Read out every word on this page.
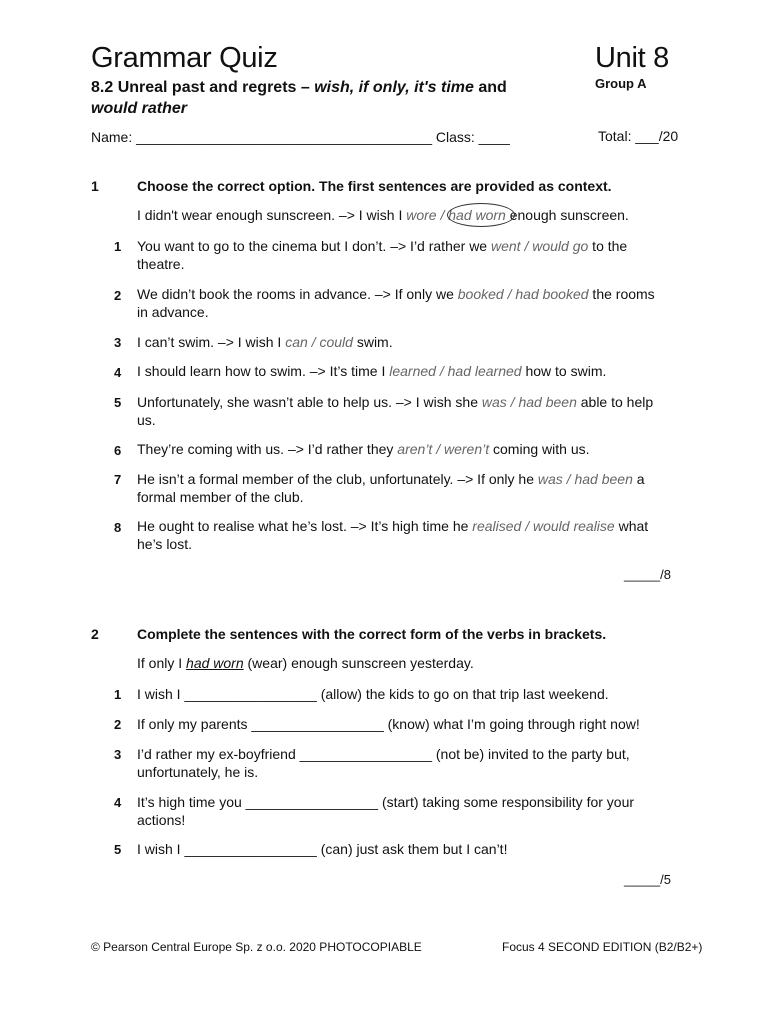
Grammar Quiz	Unit 8
8.2 Unreal past and regrets – wish, if only, it's time and
would rather
Group A
Name: ______________________________________ Class: ____	Total: ___/20
1	Choose the correct option. The first sentences are provided as context.
I didn't wear enough sunscreen. –> I wish I wore / had worn enough sunscreen.
1 You want to go to the cinema but I don’t. –> I’d rather we went / would go to the theatre.
2 We didn’t book the rooms in advance. –> If only we booked / had booked the rooms in advance.
3 I can’t swim. –> I wish I can / could swim.
4 I should learn how to swim. –> It’s time I learned / had learned how to swim.
5 Unfortunately, she wasn’t able to help us. –> I wish she was / had been able to help us.
6 They’re coming with us. –> I’d rather they aren’t / weren’t coming with us.
7 He isn’t a formal member of the club, unfortunately. –> If only he was / had been a formal member of the club.
8 He ought to realise what he’s lost. –> It’s high time he realised / would realise what he’s lost.
_____/8
2	Complete the sentences with the correct form of the verbs in brackets.
If only I had worn (wear) enough sunscreen yesterday.
1 I wish I _________________ (allow) the kids to go on that trip last weekend.
2 If only my parents _________________ (know) what I’m going through right now!
3 I’d rather my ex-boyfriend _________________ (not be) invited to the party but, unfortunately, he is.
4 It’s high time you _________________ (start) taking some responsibility for your actions!
5 I wish I _________________ (can) just ask them but I can’t!
_____/5
© Pearson Central Europe Sp. z o.o. 2020 PHOTOCOPIABLE	Focus 4 SECOND EDITION (B2/B2+)
